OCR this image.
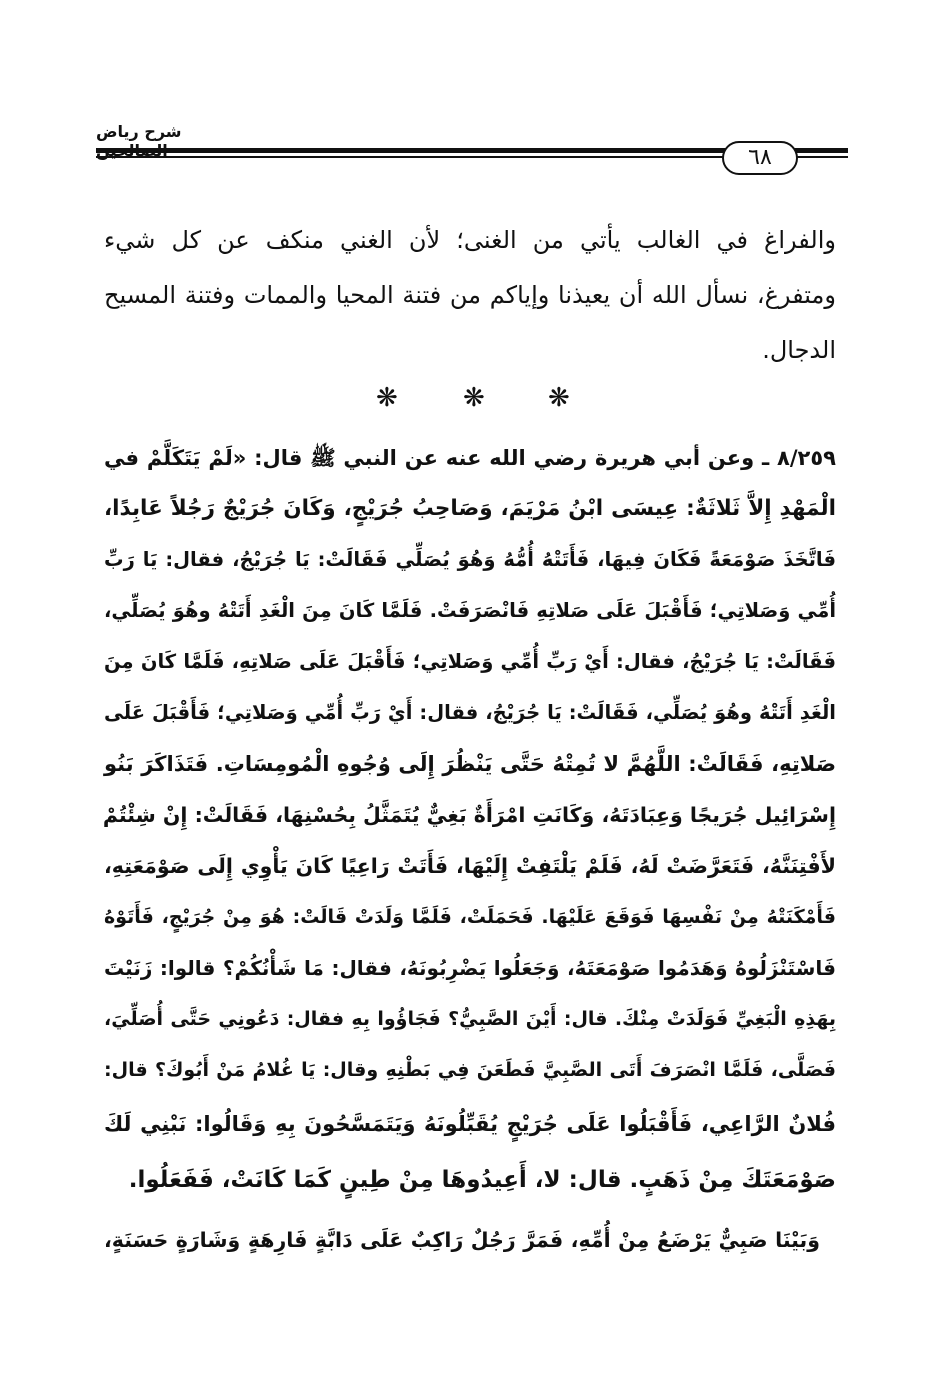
شرح رياض
٦٨
والفراغ في الغالب يأتي من الغنى؛ لأن الغني منكف عن كل شيء
ومتفرغ، نسأل الله أن يعيذنا وإياكم من فتنة المحيا والممات وفتنة المسيح
الدجال.
❋
❋
❋
٨/٢٥٩ ـ وعن أبي هريرة رضي الله عنه عن النبي ﷺ قال: «لَمْ يَتَكَلَّمْ في
الْمَهْدِ إِلاَّ ثَلاثَةٌ: عِيسَى ابْنُ مَرْيَمَ، وَصَاحِبُ جُرَيْجٍ، وَكَانَ جُرَيْجٌ رَجُلاً عَابِدًا،
فَاتَّخَذَ صَوْمَعَةً فَكَانَ فِيهَا، فَأَتَتْهُ أُمُّهُ وَهُوَ يُصَلِّي فَقَالَتْ: يَا جُرَيْجُ، فقال: يَا رَبِّ
أُمِّي وَصَلاتِي؛ فَأَقْبَلَ عَلَى صَلاتِهِ فَانْصَرَفَتْ. فَلَمَّا كَانَ مِنَ الْغَدِ أَتَتْهُ وهُوَ يُصَلِّي،
فَقَالَتْ: يَا جُرَيْجُ، فقال: أَيْ رَبِّ أُمِّي وَصَلاتِي؛ فَأَقْبَلَ عَلَى صَلاتِهِ، فَلَمَّا كَانَ مِنَ
الْغَدِ أَتَتْهُ وهُوَ يُصَلِّي، فَقَالَتْ: يَا جُرَيْجُ، فقال: أَيْ رَبِّ أُمِّي وَصَلاتِي؛ فَأَقْبَلَ عَلَى
صَلاتِهِ، فَقَالَتْ: اللَّهُمَّ لا تُمِتْهُ حَتَّى يَنْظُرَ إِلَى وُجُوهِ الْمُومِسَاتِ. فَتَذَاكَرَ بَنُو
إِسْرَائِيل جُرَيجًا وَعِبَادَتَهُ، وَكَانَتِ امْرَأَةٌ بَغِيٌّ يُتَمَثَّلُ بِحُسْنِهَا، فَقَالَتْ: إِنْ شِئْتُمْ
لأَفْتِنَنَّهُ، فَتَعَرَّضَتْ لَهُ، فَلَمْ يَلْتَفِتْ إِلَيْهَا، فَأَتَتْ رَاعِيًا كَانَ يَأْوِي إِلَى صَوْمَعَتِهِ،
فَأَمْكَنَتْهُ مِنْ نَفْسِهَا فَوَقَعَ عَلَيْهَا. فَحَمَلَتْ، فَلَمَّا وَلَدَتْ قَالَتْ: هُوَ مِنْ جُرَيْجٍ، فَأَتَوْهُ
فَاسْتَنْزَلُوهُ وَهَدَمُوا صَوْمَعَتَهُ، وَجَعَلُوا يَضْرِبُونَهُ، فقال: مَا شَأْنُكُمْ؟ قالوا: زَنَيْتَ
بِهَذِهِ الْبَغِيِّ فَوَلَدَتْ مِنْكَ. قال: أَيْنَ الصَّبِيُّ؟ فَجَاؤُوا بِهِ فقال: دَعُونِي حَتَّى أُصَلِّيَ،
فَصَلَّى، فَلَمَّا انْصَرَفَ أَتَى الصَّبِيَّ فَطَعَنَ فِي بَطْنِهِ وقال: يَا غُلامُ مَنْ أَبُوكَ؟ قال:
فُلانٌ الرَّاعِي، فَأَقْبَلُوا عَلَى جُرَيْجٍ يُقَبِّلُونَهُ وَيَتَمَسَّحُونَ بِهِ وَقَالُوا: نَبْنِي لَكَ
صَوْمَعَتَكَ مِنْ ذَهَبٍ. قال: لا، أَعِيدُوهَا مِنْ طِينٍ كَمَا كَانَتْ، فَفَعَلُوا.
وَبَيْنَا صَبِيٌّ يَرْضَعُ مِنْ أُمِّهِ، فَمَرَّ رَجُلٌ رَاكِبٌ عَلَى دَابَّةٍ فَارِهَةٍ وَشَارَةٍ حَسَنَةٍ،
